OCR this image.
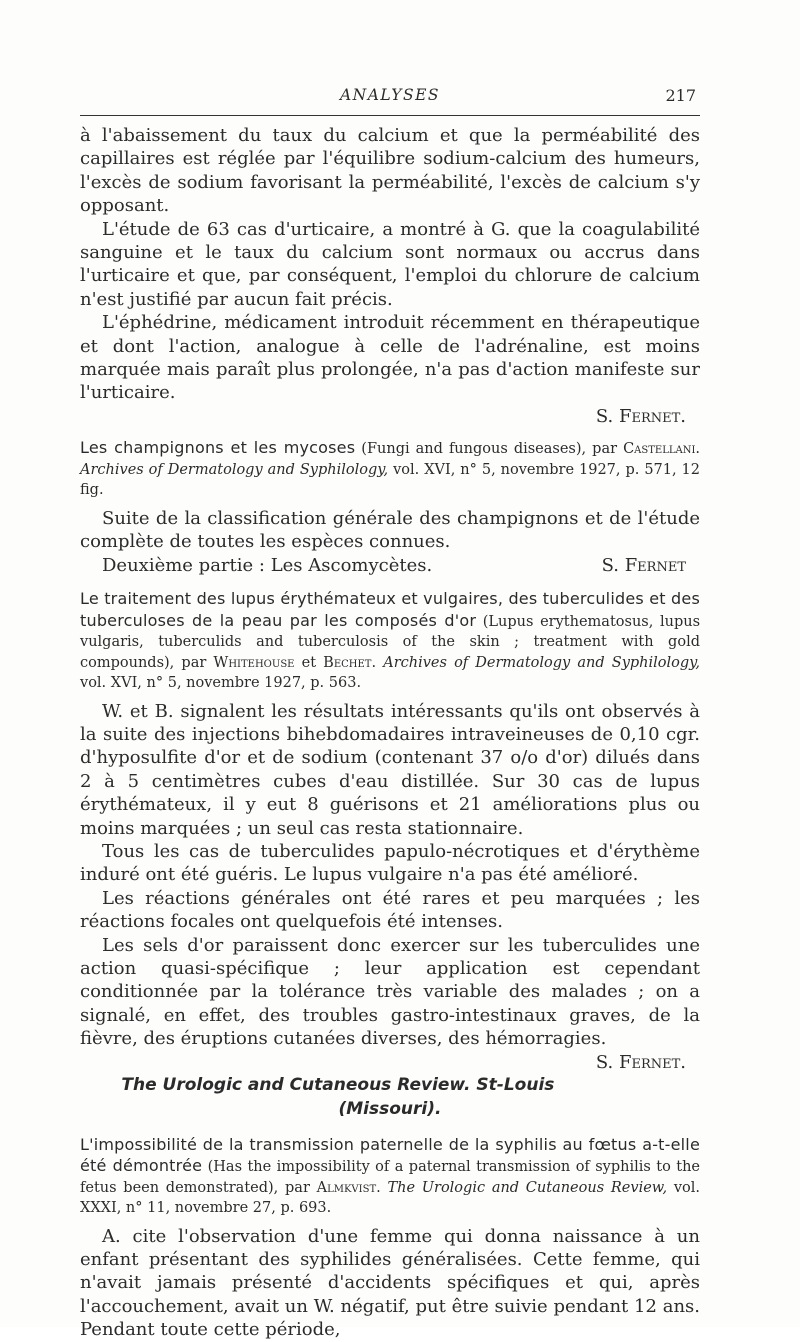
ANALYSES	217

à l'abaissement du taux du calcium et que la perméabilité des capillaires est réglée par l'équilibre sodium-calcium des humeurs, l'excès de sodium favorisant la perméabilité, l'excès de calcium s'y opposant.

L'étude de 63 cas d'urticaire, a montré à G. que la coagulabilité sanguine et le taux du calcium sont normaux ou accrus dans l'urticaire et que, par conséquent, l'emploi du chlorure de calcium n'est justifié par aucun fait précis.

L'éphédrine, médicament introduit récemment en thérapeutique et dont l'action, analogue à celle de l'adrénaline, est moins marquée mais paraît plus prolongée, n'a pas d'action manifeste sur l'urticaire.

S. Fernet.

Les champignons et les mycoses (Fungi and fungous diseases), par Castellani. Archives of Dermatology and Syphilology, vol. XVI, n° 5, novembre 1927, p. 571, 12 fig.

Suite de la classification générale des champignons et de l'étude complète de toutes les espèces connues.

Deuxième partie : Les Ascomycètes.	S. Fernet

Le traitement des lupus érythémateux et vulgaires, des tuberculides et des tuberculoses de la peau par les composés d'or (Lupus erythematosus, lupus vulgaris, tuberculids and tuberculosis of the skin ; treatment with gold compounds), par Whitehouse et Bechet. Archives of Dermatology and Syphilology, vol. XVI, n° 5, novembre 1927, p. 563.

W. et B. signalent les résultats intéressants qu'ils ont observés à la suite des injections bihebdomadaires intraveineuses de 0,10 cgr. d'hyposulfite d'or et de sodium (contenant 37 o/o d'or) dilués dans 2 à 5 centimètres cubes d'eau distillée. Sur 30 cas de lupus érythémateux, il y eut 8 guérisons et 21 améliorations plus ou moins marquées ; un seul cas resta stationnaire.

Tous les cas de tuberculides papulo-nécrotiques et d'érythème induré ont été guéris. Le lupus vulgaire n'a pas été amélioré.

Les réactions générales ont été rares et peu marquées ; les réactions focales ont quelquefois été intenses.

Les sels d'or paraissent donc exercer sur les tuberculides une action quasi-spécifique ; leur application est cependant conditionnée par la tolérance très variable des malades ; on a signalé, en effet, des troubles gastro-intestinaux graves, de la fièvre, des éruptions cutanées diverses, des hémorragies.
S. Fernet.

The Urologic and Cutaneous Review. St-Louis (Missouri).

L'impossibilité de la transmission paternelle de la syphilis au fœtus a-t-elle été démontrée (Has the impossibility of a paternal transmission of syphilis to the fetus been demonstrated), par Almkvist. The Urologic and Cutaneous Review, vol. XXXI, n° 11, novembre 27, p. 693.

A. cite l'observation d'une femme qui donna naissance à un enfant présentant des syphilides généralisées. Cette femme, qui n'avait jamais présenté d'accidents spécifiques et qui, après l'accouchement, avait un W. négatif, put être suivie pendant 12 ans. Pendant toute cette période,
